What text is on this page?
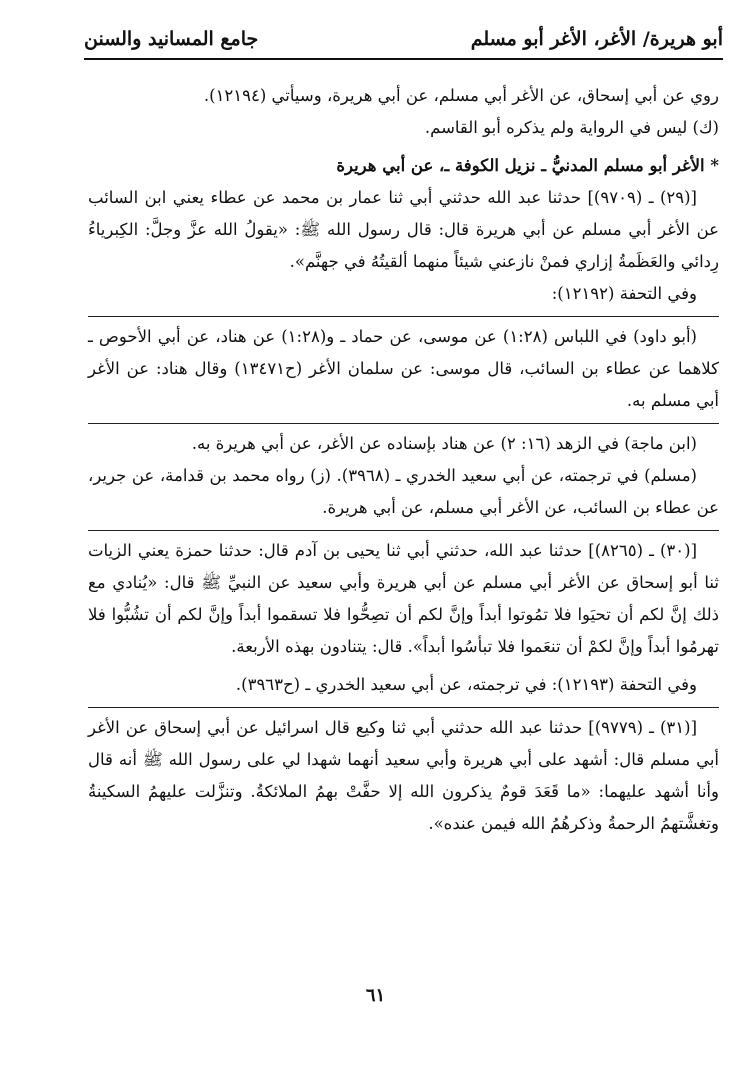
أبو هريرة/ الأغر، الأغر أبو مسلم
جامع المسانيد والسنن

روي عن أبي إسحاق، عن الأغر أبي مسلم، عن أبي هريرة، وسيأتي (١٢١٩٤).

(ك) ليس في الرواية ولم يذكره أبو القاسم.

* الأغر أبو مسلم المدنيُّ ـ نزيل الكوفة ـ، عن أبي هريرة

[(٢٩) ـ (٩٧٠٩)] حدثنا عبد الله حدثني أبي ثنا عمار بن محمد عن عطاء يعني ابن السائب عن الأغر أبي مسلم عن أبي هريرة قال: قال رسول الله ﷺ: «يقولُ الله عزَّ وجلَّ: الكِبرياءُ رِدائي والعَظَمةُ إزاري فمنْ نازعني شيئاً منهما ألقيتُهُ في جهنَّم».

وفي التحفة (١٢١٩٢):

(أبو داود) في اللباس (١:٢٨) عن موسى، عن حماد ـ و(١:٢٨) عن هناد، عن أبي الأحوص ـ كلاهما عن عطاء بن السائب، قال موسى: عن سلمان الأغر (ح١٣٤٧١) وقال هناد: عن الأغر أبي مسلم به.

(ابن ماجة) في الزهد (١٦: ٢) عن هناد بإسناده عن الأغر، عن أبي هريرة به.

(مسلم) في ترجمته، عن أبي سعيد الخدري ـ (٣٩٦٨). (ز) رواه محمد بن قدامة، عن جرير، عن عطاء بن السائب، عن الأغر أبي مسلم، عن أبي هريرة.

[(٣٠) ـ (٨٢٦٥)] حدثنا عبد الله، حدثني أبي ثنا يحيى بن آدم قال: حدثنا حمزة يعني الزيات ثنا أبو إسحاق عن الأغر أبي مسلم عن أبي هريرة وأبي سعيد عن النبيِّ ﷺ قال: «يُنادي مع ذلك إنَّ لكم أن تحيَوا فلا تمُوتوا أبداً وإنَّ لكم أن تصِحُّوا فلا تسقموا أبداً وإنَّ لكم أن تشُبُّوا فلا تهرمُوا أبداً وإنَّ لكمْ أن تنعَموا فلا تبأسُوا أبداً». قال: يتنادون بهذه الأربعة.

وفي التحفة (١٢١٩٣): في ترجمته، عن أبي سعيد الخدري ـ (ح٣٩٦٣).

[(٣١) ـ (٩٧٧٩)] حدثنا عبد الله حدثني أبي ثنا وكيع قال اسرائيل عن أبي إسحاق عن الأغر أبي مسلم قال: أشهد على أبي هريرة وأبي سعيد أنهما شهدا لي على رسول الله ﷺ أنه قال وأنا أشهد عليهما: «ما قَعَدَ قومٌ يذكرون الله إلا حفَّتْ بهمُ الملائكةُ. وتنزَّلت عليهمُ السكينةُ وتغشَّتهمُ الرحمةُ وذكرهُمُ الله فيمن عنده».

٦١
